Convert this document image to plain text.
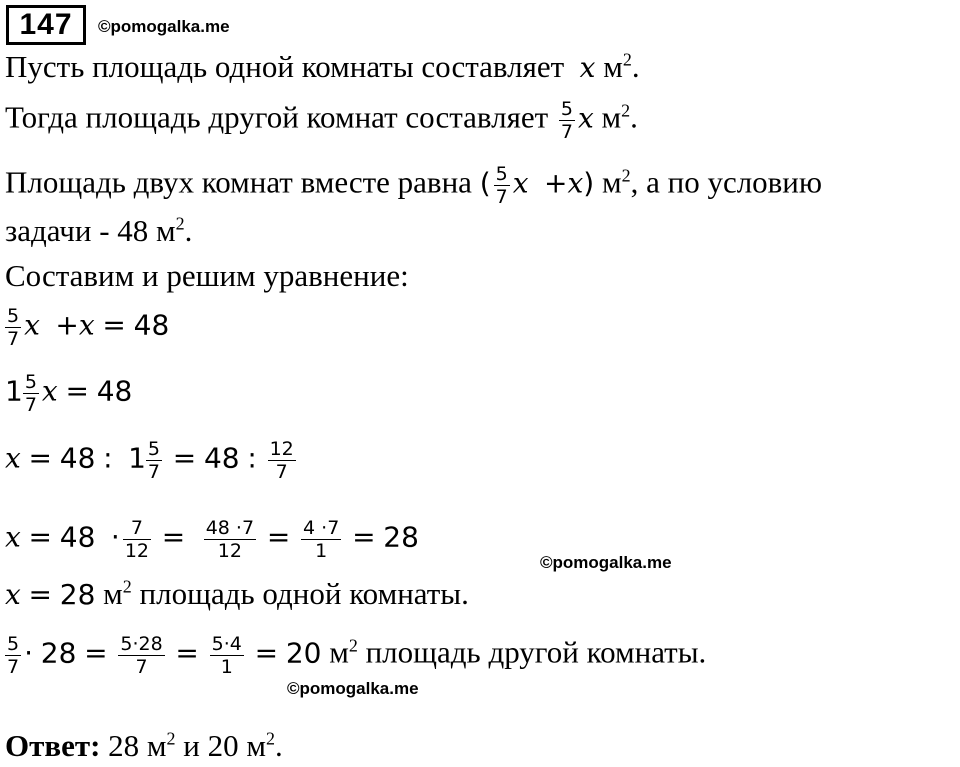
147	©pomogalka.me
©pomogalka.me
©pomogalka.me
Пусть площадь одной комнаты составляет x $м^2$.
Тогда площадь другой комнат составляет $\frac{5}{7}$ x $м^2$.
Площадь двух комнат вместе равна ( $\frac{5}{7}$ x +x) $м^2$, а по условию
задачи - 48 $м^2$.
Составим и решим уравнение:
$\frac{5}{7}$ x +x = 48
$1 \frac{5}{7}$ x = 48
x = 48 : $1 \frac{5}{7} = 48$ : $\frac{12}{7}$
$x = 48 \cdot \frac{7}{12} = \frac{48 \cdot 7}{12} = \frac{4 \cdot 7}{1} = 28$
x = 28 $м^2$ площадь одной комнаты.
$\frac{5}{7} \cdot 28 = \frac{5\cdot 28}{7} = \frac{5\cdot 4}{1} = 20$ $м^2$ площадь другой комнаты.
Ответ: 28 $м^2$ и 20 $м^2$.
